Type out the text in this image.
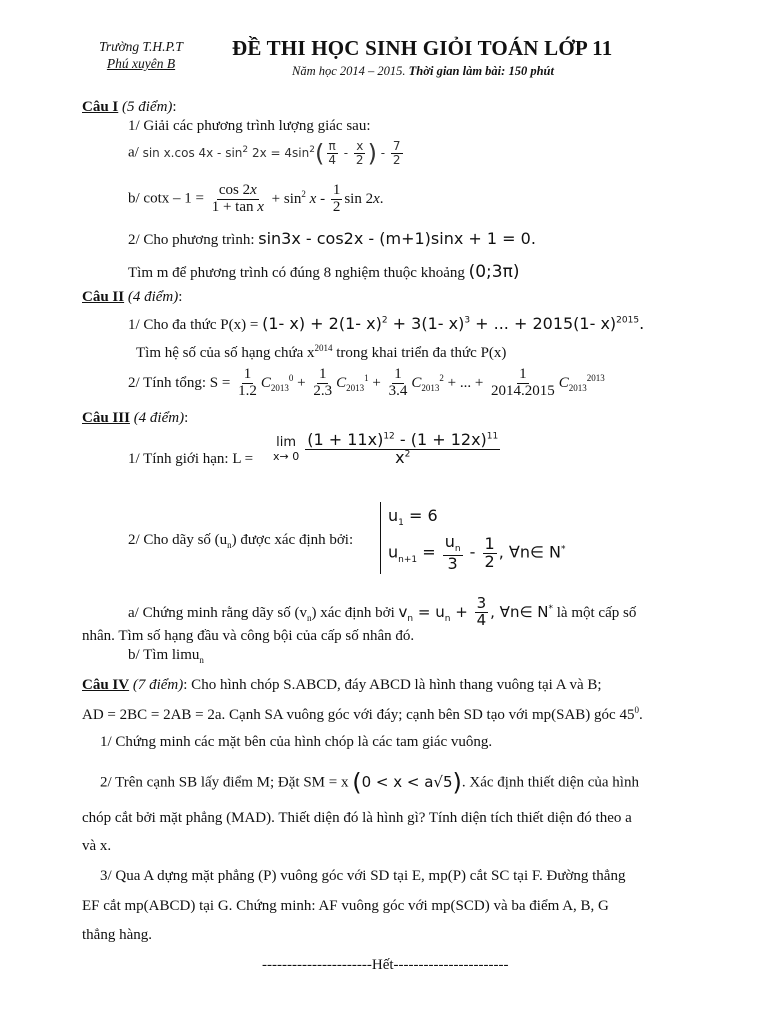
Trường T.H.P.T
Phú xuyên B
ĐỀ THI HỌC SINH GIỎI TOÁN LỚP 11
Năm học 2014 – 2015. Thời gian làm bài: 150 phút
Câu I (5 điểm):
1/ Giải các phương trình lượng giác sau:
a/ sin x.cos $4x - \sin^2 2x = 4\sin^2( \frac{\pi}{4} - \frac{x}{2}$ ) - $\frac{7}{2}$
b/ $\cot x - 1 = \frac{\cos 2x}{\text{1 + tan x}} + \sin^2 x - \frac{1}{2}$ sin 2x.
2/ Cho phương trình: sin3x - cos2x - (m+1)sinx + 1 = 0.
Tìm m để phương trình có đúng 8 nghiệm thuộc khoảng (0;3π)
Câu II (4 điểm):
1/ Cho đa thức P(x) = (1- x) + 2(1- x)$^2$ + 3(1- x)$^3$ + ... + 2015(1- x)$^{2015}$.
Tìm hệ số của số hạng chứa $x^{2014}$ trong khai triển đa thức P(x)
2/ Tính tổng: $S = \frac{1}{1.2} C_{2013}^0 + \frac{1}{2.3} C_{2013}^1 + \frac{1}{3.4} C_{2013}^2$ + ... + $\frac{1}{2014.2015} C_{2013}^{2013}$
Câu III (4 điểm):
1/ Tính giới hạn: L =
lim
$x\to 0 \frac{(1 + 11x)^{12} - (1 + 12x)^{11}}{x^2}$
2/ Cho dãy số $(u_n)$ được xác định bởi:
$u_1 = 6$
$u_{n+1} = \frac{u_n}{3} - \frac{1}{2}$ , ∀n∈ N*
a/ Chứng minh rằng dãy số $(v_n)$ xác định bởi $v_n = u_n + \frac{3}{4}$ , ∀n∈ N* là một cấp số
nhân. Tìm số hạng đầu và công bội của cấp số nhân đó.
b/ Tìm limu$_n$
Câu IV (7 điểm): Cho hình chóp S.ABCD, đáy ABCD là hình thang vuông tại A và B;
AD = 2BC = 2AB = 2a. Cạnh SA vuông góc với đáy; cạnh bên SD tạo với mp(SAB) góc $45^0$.
1/ Chứng minh các mặt bên của hình chóp là các tam giác vuông.
2/ Trên cạnh SB lấy điểm M; Đặt SM = x (0 < x < a√5). Xác định thiết diện của hình
chóp cắt bởi mặt phẳng (MAD). Thiết diện đó là hình gì? Tính diện tích thiết diện đó theo a
và x.
3/ Qua A dựng mặt phẳng (P) vuông góc với SD tại E, mp(P) cắt SC tại F. Đường thẳng
EF cắt mp(ABCD) tại G. Chứng minh: AF vuông góc với mp(SCD) và ba điểm A, B, G
thẳng hàng.
----------------------Hết-----------------------
